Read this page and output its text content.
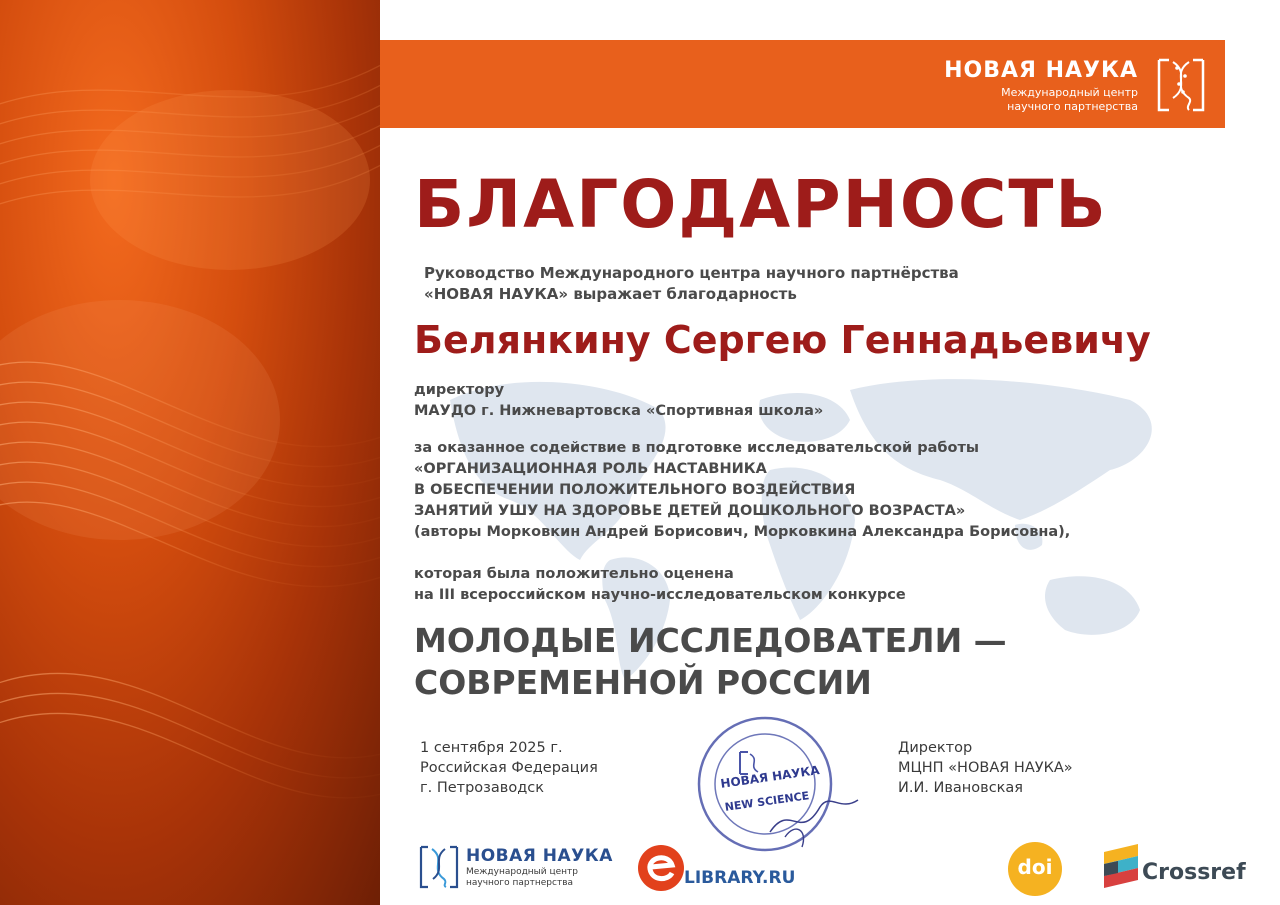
НОВАЯ НАУКА
Международный центр
научного партнерства
БЛАГОДАРНОСТЬ
Руководство Международного центра научного партнёрства
«НОВАЯ НАУКА» выражает благодарность
Белянкину Сергею Геннадьевичу
директору
МАУДО г. Нижневартовска «Спортивная школа»
за оказанное содействие в подготовке исследовательской работы
«ОРГАНИЗАЦИОННАЯ РОЛЬ НАСТАВНИКА
В ОБЕСПЕЧЕНИИ ПОЛОЖИТЕЛЬНОГО ВОЗДЕЙСТВИЯ
ЗАНЯТИЙ УШУ НА ЗДОРОВЬЕ ДЕТЕЙ ДОШКОЛЬНОГО ВОЗРАСТА»
(авторы Морковкин Андрей Борисович, Морковкина Александра Борисовна),
которая была положительно оценена
на III всероссийском научно-исследовательском конкурсе
МОЛОДЫЕ ИССЛЕДОВАТЕЛИ —
СОВРЕМЕННОЙ РОССИИ
1 сентября 2025 г.
Российская Федерация
г. Петрозаводск	НОВАЯ НАУКА
NEW SCIENCE
Директор
МЦНП «НОВАЯ НАУКА»
И.И. Ивановская
НОВАЯ НАУКА
Международный центр
научного партнерства	LIBRARY.RU	doi	Crossref
